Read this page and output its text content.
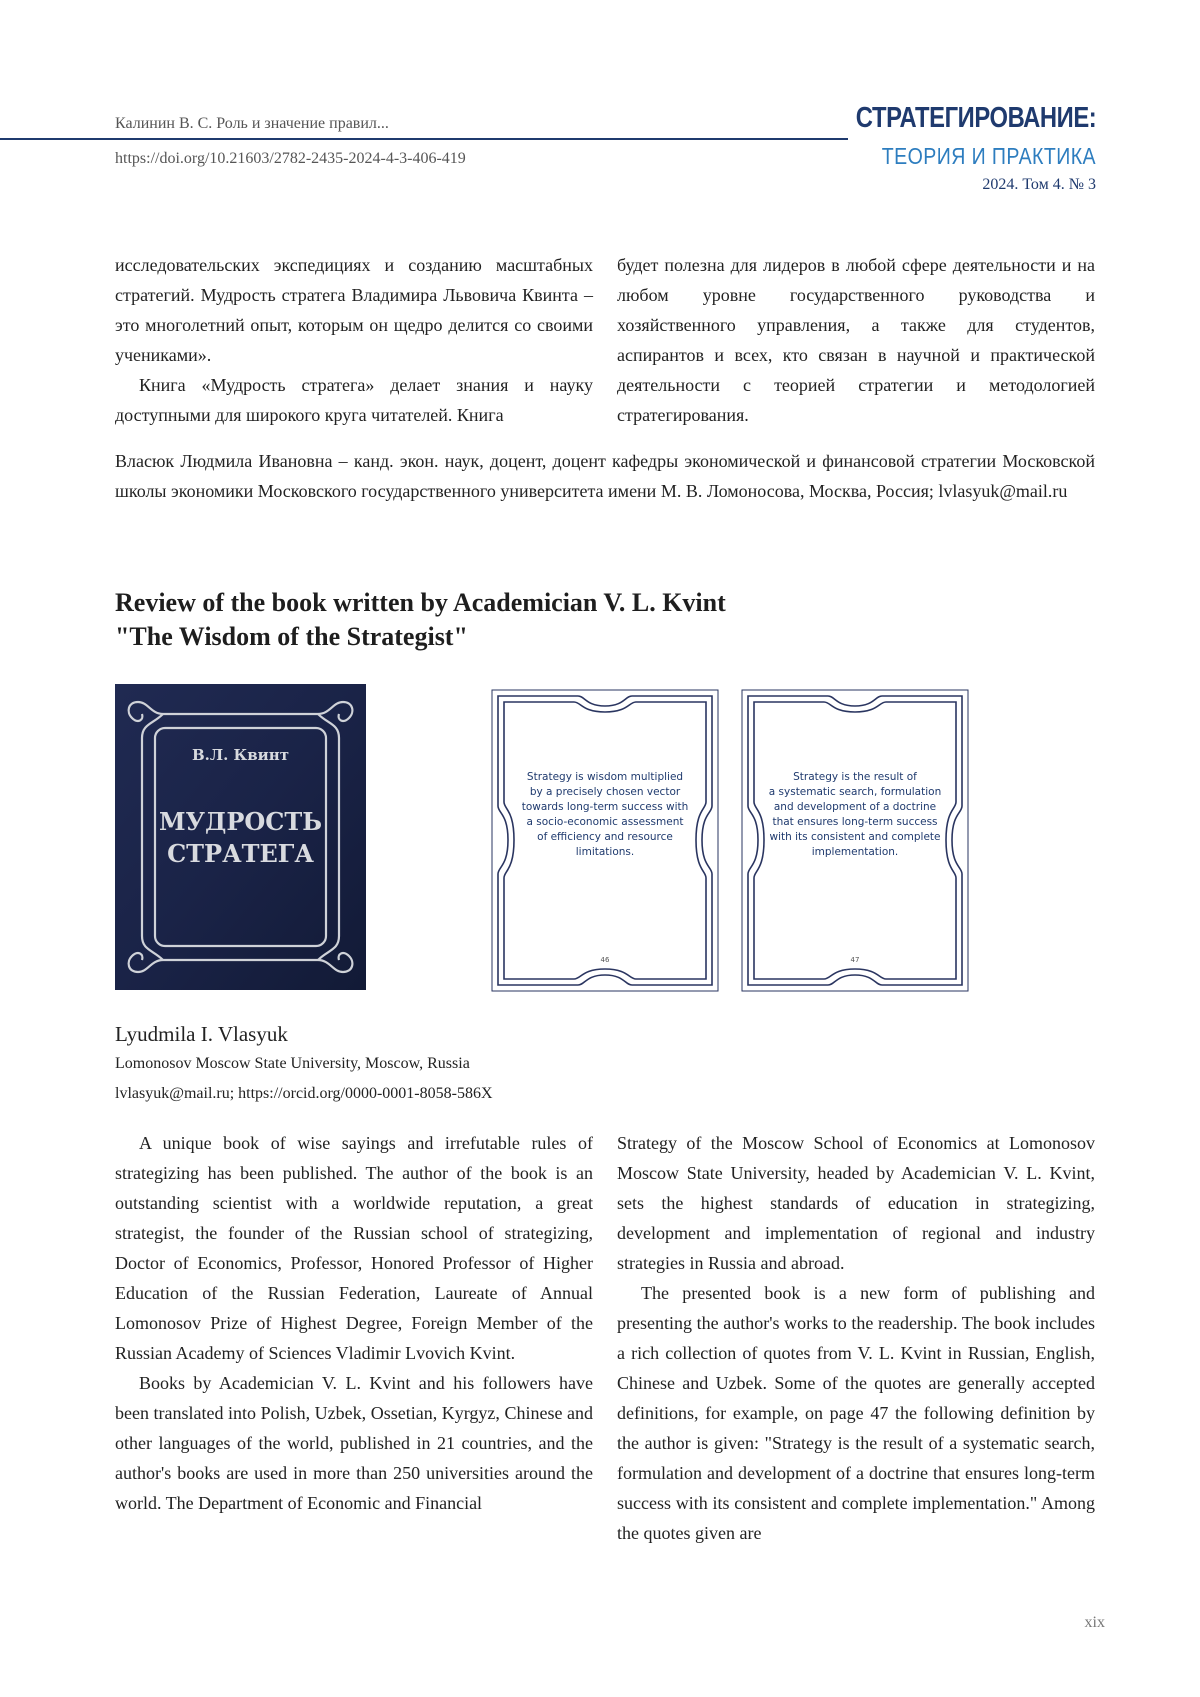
Калинин В. С. Роль и значение правил...
https://doi.org/10.21603/2782-2435-2024-4-3-406-419
СТРАТЕГИРОВАНИЕ:
ТЕОРИЯ И ПРАКТИКА
2024. Том 4. № 3

исследовательских экспедициях и созданию масштабных стратегий. Мудрость стратега Владимира Львовича Квинта – это многолетний опыт, которым он щедро делится со своими учениками».

Книга «Мудрость стратега» делает знания и науку доступными для широкого круга читателей. Книга

будет полезна для лидеров в любой сфере деятельности и на любом уровне государственного руководства и хозяйственного управления, а также для студентов, аспирантов и всех, кто связан в научной и практической деятельности с теорией стратегии и методологией стратегирования.

Власюк Людмила Ивановна – канд. экон. наук, доцент, доцент кафедры экономической и финансовой стратегии Московской школы экономики Московского государственного университета имени М. В. Ломоносова, Москва, Россия; lvlasyuk@mail.ru
Review of the book written by Academician V. L. Kvint
"The Wisdom of the Strategist"
В.Л. Квинт
МУДРОСТЬ
СТРАТЕГА
Strategy is wisdom multiplied
by a precisely chosen vector
towards long-term success with
a socio-economic assessment
of efficiency and resource
limitations.
Strategy is the result of
a systematic search, formulation
and development of a doctrine
that ensures long-term success
with its consistent and complete
implementation.
46	47
Lyudmila I. Vlasyuk
Lomonosov Moscow State University, Moscow, Russia
lvlasyuk@mail.ru; https://orcid.org/0000-0001-8058-586X

A unique book of wise sayings and irrefutable rules of strategizing has been published. The author of the book is an outstanding scientist with a worldwide reputation, a great strategist, the founder of the Russian school of strategizing, Doctor of Economics, Professor, Honored Professor of Higher Education of the Russian Federation, Laureate of Annual Lomonosov Prize of Highest Degree, Foreign Member of the Russian Academy of Sciences Vladimir Lvovich Kvint.

Books by Academician V. L. Kvint and his followers have been translated into Polish, Uzbek, Ossetian, Kyrgyz, Chinese and other languages of the world, published in 21 countries, and the author's books are used in more than 250 universities around the world. The Department of Economic and Financial

Strategy of the Moscow School of Economics at Lomonosov Moscow State University, headed by Academician V. L. Kvint, sets the highest standards of education in strategizing, development and implementation of regional and industry strategies in Russia and abroad.

The presented book is a new form of publishing and presenting the author's works to the readership. The book includes a rich collection of quotes from V. L. Kvint in Russian, English, Chinese and Uzbek. Some of the quotes are generally accepted definitions, for example, on page 47 the following definition by the author is given: "Strategy is the result of a systematic search, formulation and development of a doctrine that ensures long-term success with its consistent and complete implementation." Among the quotes given are

xix
